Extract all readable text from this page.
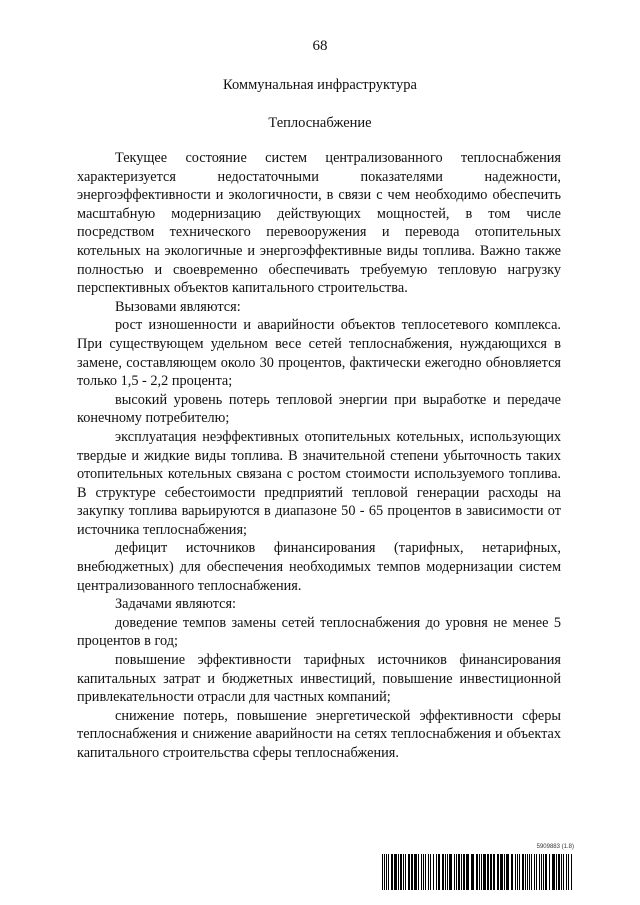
68
Коммунальная инфраструктура
Теплоснабжение

Текущее состояние систем централизованного теплоснабжения характеризуется недостаточными показателями надежности, энергоэффективности и экологичности, в связи с чем необходимо обеспечить масштабную модернизацию действующих мощностей, в том числе посредством технического перевооружения и перевода отопительных котельных на экологичные и энергоэффективные виды топлива. Важно также полностью и своевременно обеспечивать требуемую тепловую нагрузку перспективных объектов капитального строительства.

Вызовами являются:

рост изношенности и аварийности объектов теплосетевого комплекса. При существующем удельном весе сетей теплоснабжения, нуждающихся в замене, составляющем около 30 процентов, фактически ежегодно обновляется только 1,5 - 2,2 процента;

высокий уровень потерь тепловой энергии при выработке и передаче конечному потребителю;

эксплуатация неэффективных отопительных котельных, использующих твердые и жидкие виды топлива. В значительной степени убыточность таких отопительных котельных связана с ростом стоимости используемого топлива. В структуре себестоимости предприятий тепловой генерации расходы на закупку топлива варьируются в диапазоне 50 - 65 процентов в зависимости от источника теплоснабжения;

дефицит источников финансирования (тарифных, нетарифных, внебюджетных) для обеспечения необходимых темпов модернизации систем централизованного теплоснабжения.

Задачами являются:

доведение темпов замены сетей теплоснабжения до уровня не менее 5 процентов в год;

повышение эффективности тарифных источников финансирования капитальных затрат и бюджетных инвестиций, повышение инвестиционной привлекательности отрасли для частных компаний;

снижение потерь, повышение энергетической эффективности сферы теплоснабжения и снижение аварийности на сетях теплоснабжения и объектах капитального строительства сферы теплоснабжения.

5909883 (1.8)
